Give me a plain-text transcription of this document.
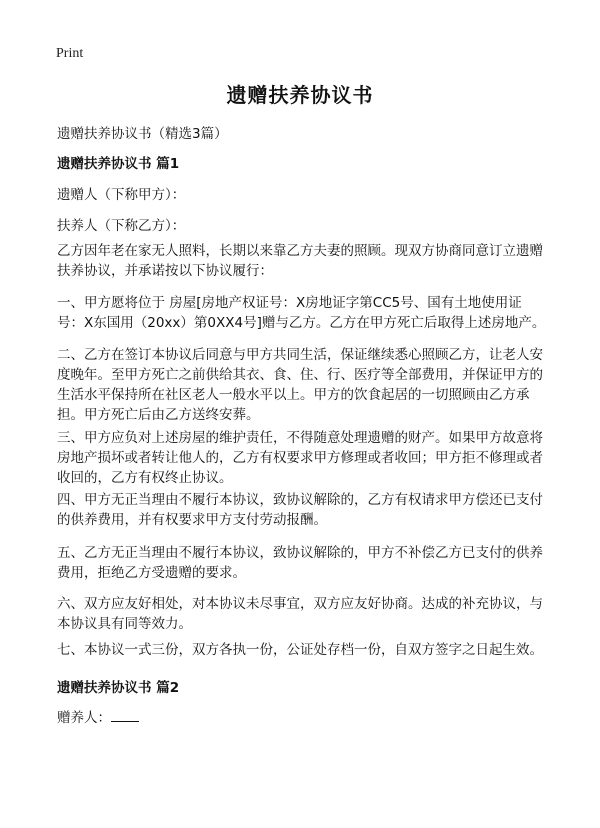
Print
遗赠扶养协议书
遗赠扶养协议书（精选3篇）
遗赠扶养协议书 篇1
遗赠人（下称甲方）：
扶养人（下称乙方）：

乙方因年老在家无人照料，长期以来靠乙方夫妻的照顾。现双方协商同意订立遗赠扶养协议，并承诺按以下协议履行：

一、甲方愿将位于 房屋[房地产权证号：X房地证字第CC5号、国有土地使用证号：X东国用（20xx）第0XX4号]赠与乙方。乙方在甲方死亡后取得上述房地产。

二、乙方在签订本协议后同意与甲方共同生活，保证继续悉心照顾乙方，让老人安度晚年。至甲方死亡之前供给其衣、食、住、行、医疗等全部费用，并保证甲方的生活水平保持所在社区老人一般水平以上。甲方的饮食起居的一切照顾由乙方承担。甲方死亡后由乙方送终安葬。

三、甲方应负对上述房屋的维护责任，不得随意处理遗赠的财产。如果甲方故意将房地产损坏或者转让他人的，乙方有权要求甲方修理或者收回；甲方拒不修理或者收回的，乙方有权终止协议。

四、甲方无正当理由不履行本协议，致协议解除的，乙方有权请求甲方偿还已支付的供养费用，并有权要求甲方支付劳动报酬。

五、乙方无正当理由不履行本协议，致协议解除的，甲方不补偿乙方已支付的供养费用，拒绝乙方受遗赠的要求。

六、双方应友好相处，对本协议未尽事宜，双方应友好协商。达成的补充协议，与本协议具有同等效力。

七、本协议一式三份，双方各执一份，公证处存档一份，自双方签字之日起生效。

遗赠扶养协议书 篇2
赠养人：
